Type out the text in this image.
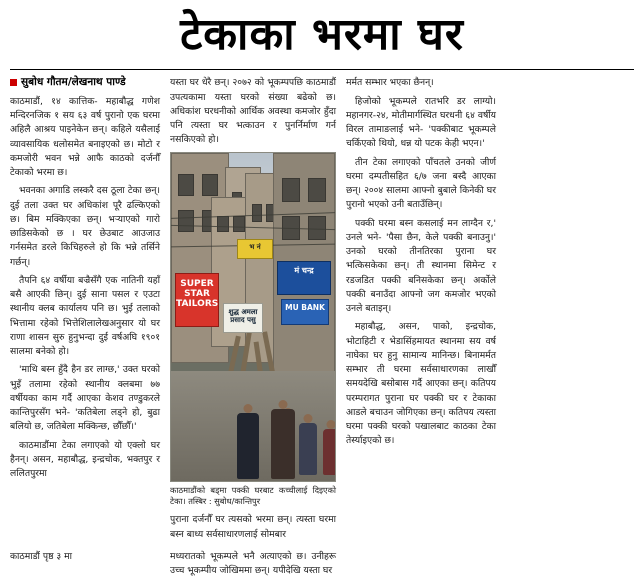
टेकाका भरमा घर
सुबोध गौतम/लेखनाथ पाण्डे

काठमाडौं, १४ कात्तिक- महाबौद्ध गणेश मन्दिरनजिक १ सय ६३ वर्ष पुरानो एक घरमा अहिलै आश्रय पाइनेकेन छन्। कहिले यसैलाई व्यावसायिक धलोसमेत बनाइएको छ। मोटो र कमजोरी भवन भन्ने आफै काठको दर्जनौँ टेकाको भरमा छ।

भवनका अगाडि लस्करै दस ठूला टेका छन्। दुई तला उक्त घर अधिकांश पूरै ढल्किएको छ। बिम मक्किएका छन्। भर्‍याएको गारो छाडिसकेको छ । घर छेउबाट आउजाउ गर्नसमेत डरले किचिहरुले हो कि भन्ने तर्सिने गर्छन्।

तैपनि ६४ वर्षीया बज्रैसँगै एक नातिनी यहाँ बसै आएकी छिन्। दुई साना पसल र एउटा स्थानीय क्लब कार्यालय पनि छ। भुई तलाको भित्तामा रहेको भित्तेशिलालेखअनुसार यो घर राणा शासन सुरु हुनुभन्दा दुई वर्षअघि १९०१ सालमा बनेको हो।

'माथि बस्न हुँदै हैन डर लाग्छ,' उक्त घरको भुइँ तलामा रहेको स्थानीय क्लबमा ७७ वर्षीयका काम गर्दै आएका केशव तण्डुकरले कान्तिपुरसँग भने- 'कतिबेला लड्ने हो, बुढा बलियो छ, जतिबेला मक्किन्छ, छौँछौँ।'

काठमाडौंमा टेका लगाएको यो एक्लो घर हैनन्। असन, महाबौद्ध, इन्द्रचोक, भक्तपुर र ललितपुरमा

यस्ता घर धेरै छन्। २०७२ को भूकम्पपछि काठमाडौं उपत्यकामा यस्ता घरको संख्या बढेको छ। अधिकांश घरधनीको आर्थिक अवस्था कमजोर हुँदा पनि त्यस्ता घर भत्काउन र पुनर्निर्माण गर्न नसकिएको हो।

SUPER STAR TAILORS
मं चन्द्र
MU BANK
शुद्ध अमला प्रसाद पसु
भ नं
काठमाडौंको बड्मा पक्की घरबाट कच्चीलाई दिइएको टेका। तस्बिर : सुबोध/कान्तिपुर

पुराना दर्जनौँ घर त्यसको भरमा छन्। त्यस्ता घरमा बस्न बाध्य सर्वसाधारणलाई सोमबार

मर्मत सम्भार भएका छैनन्।

हिजोको भूकम्पले रातभरि डर लाग्यो। महानगर-२४, मोतीमार्गस्थित घरधनी ६४ वर्षीय विरल तामाङलाई भने- 'पक्कीबाट भूकम्पले चर्किएको थियो, धन्न यो पटक केही भएन।'

तीन टेका लगाएको पाँचतले उनको जीर्ण घरमा दम्पतीसहित ६/७ जना बस्दै आएका छन्। २००४ सालमा आफ्नो बुबाले किनेकी घर पुरानो भएको उनी बताउँछिन्।

पक्की घरमा बस्न कसलाई मन लाग्दैन र,' उनले भने- 'पैसा छैन, केले पक्की बनाउनु।' उनको घरको तीनतिरका पुराना घर भत्किसकेका छन्। ती स्थानमा सिमेन्ट र रडजडित पक्की बनिसकेका छन्। अर्कोले पक्की बनाउँदा आफ्नो जग कमजोर भएको उनले बताइन्।

महाबौद्ध, असन, पाको, इन्द्रचोक, भोटाहिटी र भेडासिंहमायत स्थानमा सय वर्ष नाघेका घर हुनु सामान्य मानिन्छ। बिनामर्मत सम्भार ती घरमा सर्वसाधारणका लाखौँ समयदेखि बसोबास गर्दै आएका छन्। कतिपय परम्परागत पुराना घर पक्की घर र टेकाका आडले बचाउन जोगिएका छन्। कतिपय त्यस्ता घरमा पक्की घरको पखालबाट काठका टेका तेर्स्याइएको छ।

काठमाडौं पृष्ठ ३ मा	मध्यरातको भूकम्पले भनै अत्याएको छ। उनीहरू उच्च भूकम्पीय जोखिममा छन्। यपीदेखि यस्ता घर
